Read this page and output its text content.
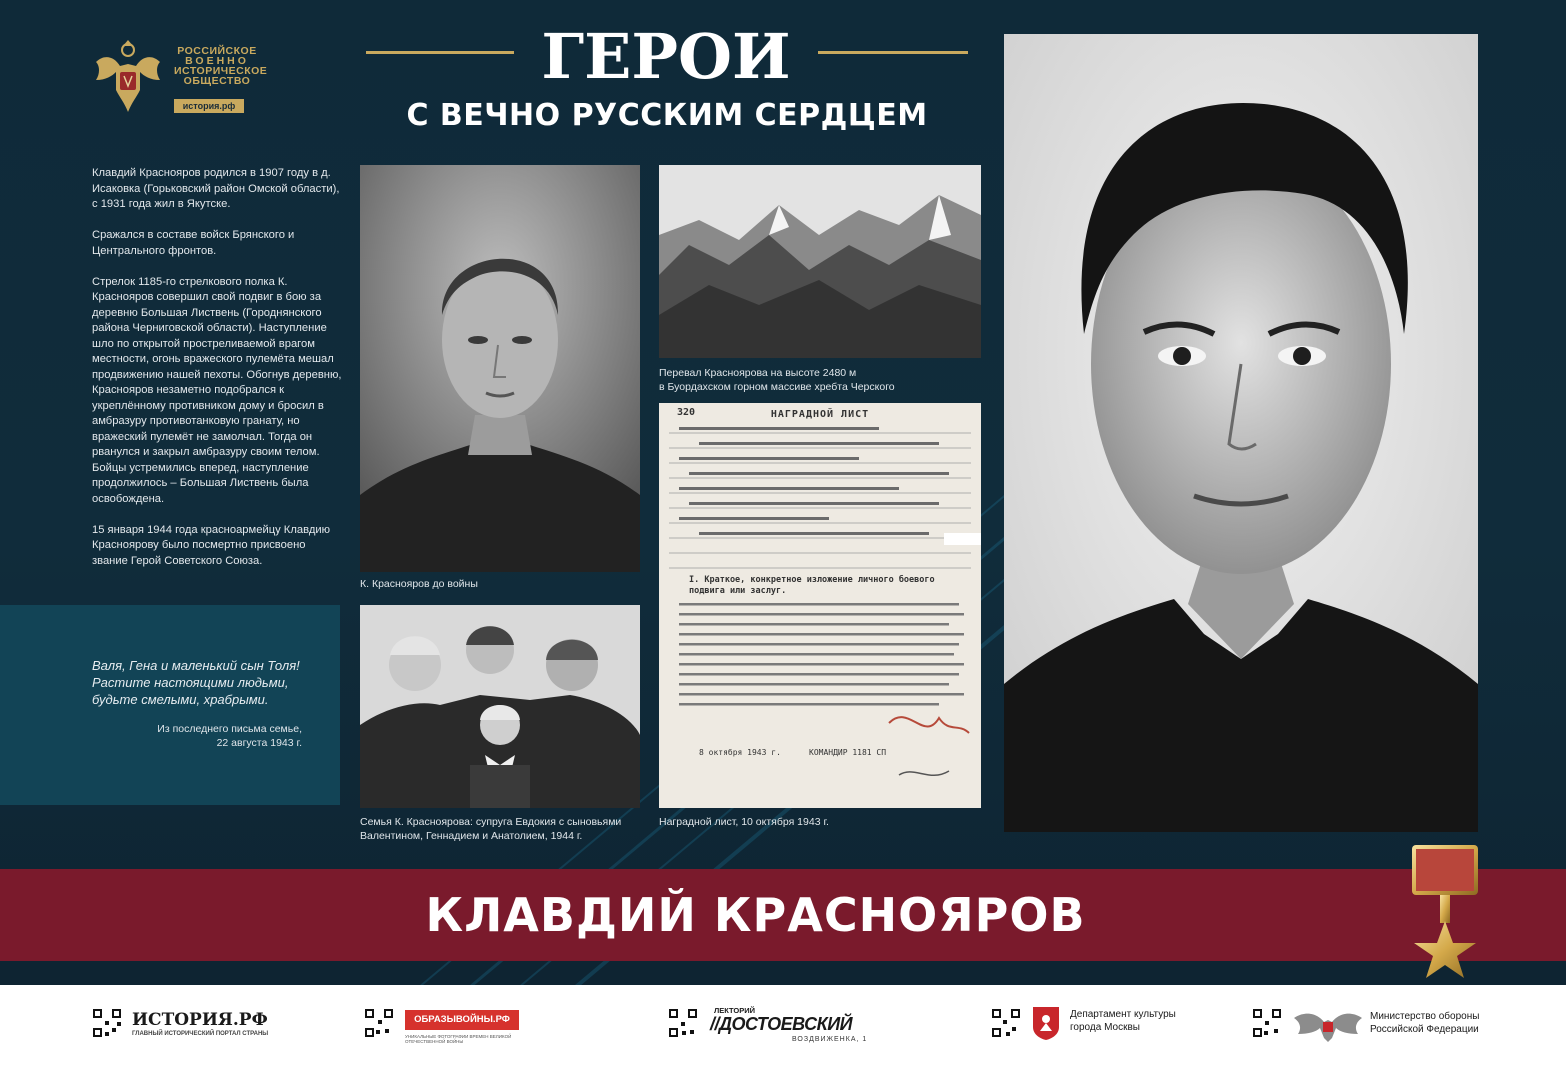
РОССИЙСКОЕ
ВОЕННО
ИСТОРИЧЕСКОЕ
ОБЩЕСТВО
история.рф
ГЕРОИ
С ВЕЧНО РУССКИМ СЕРДЦЕМ

Клавдий Краснояров родился в 1907 году в д. Исаковка (Горьковский район Омской области), с 1931 года жил в Якутске.

Сражался в составе войск Брянского и Центрального фронтов.

Стрелок 1185-го стрелкового полка К. Краснояров совершил свой подвиг в бою за деревню Большая Листвень (Городнянского района Черниговской области). Наступление шло по открытой простреливаемой врагом местности, огонь вражеского пулемёта мешал продвижению нашей пехоты. Обогнув деревню, Краснояров незаметно подобрался к укреплённому противником дому и бросил в амбразуру противотанковую гранату, но вражеский пулемёт не замолчал. Тогда он рванулся и закрыл амбразуру своим телом. Бойцы устремились вперед, наступление продолжилось – Большая Листвень была освобождена.

15 января 1944 года красноармейцу Клавдию Красноярову было посмертно присвоено звание Герой Советского Союза.

Валя, Гена и маленький сын Толя!
Растите настоящими людьми,
будьте смелыми, храбрыми.
Из последнего письма семье,
22 августа 1943 г.
К. Краснояров до войны
Семья К. Красноярова: супруга Евдокия с сыновьями
Валентином, Геннадием и Анатолием, 1944 г.
Перевал Красноярова на высоте 2480 м
в Буордахском горном массиве хребта Черского
320	НАГРАДНОЙ ЛИСТ
I. Краткое, конкретное изложение личного боевого подвига или заслуг.
8 октября 1943 г.	КОМАНДИР 1181 СП
Наградной лист, 10 октября 1943 г.
КЛАВДИЙ КРАСНОЯРОВ
ИСТОРИЯ.РФ
ГЛАВНЫЙ ИСТОРИЧЕСКИЙ ПОРТАЛ СТРАНЫ
ОБРАЗЫВОЙНЫ.РФ
УНИКАЛЬНЫЕ ФОТОГРАФИИ ВРЕМЕН ВЕЛИКОЙ ОТЕЧЕСТВЕННОЙ ВОЙНЫ
ЛЕКТОРИЙ
//ДОСТОЕВСКИЙ
ВОЗДВИЖЕНКА, 1
Департамент культуры
города Москвы
Министерство обороны
Российской Федерации
